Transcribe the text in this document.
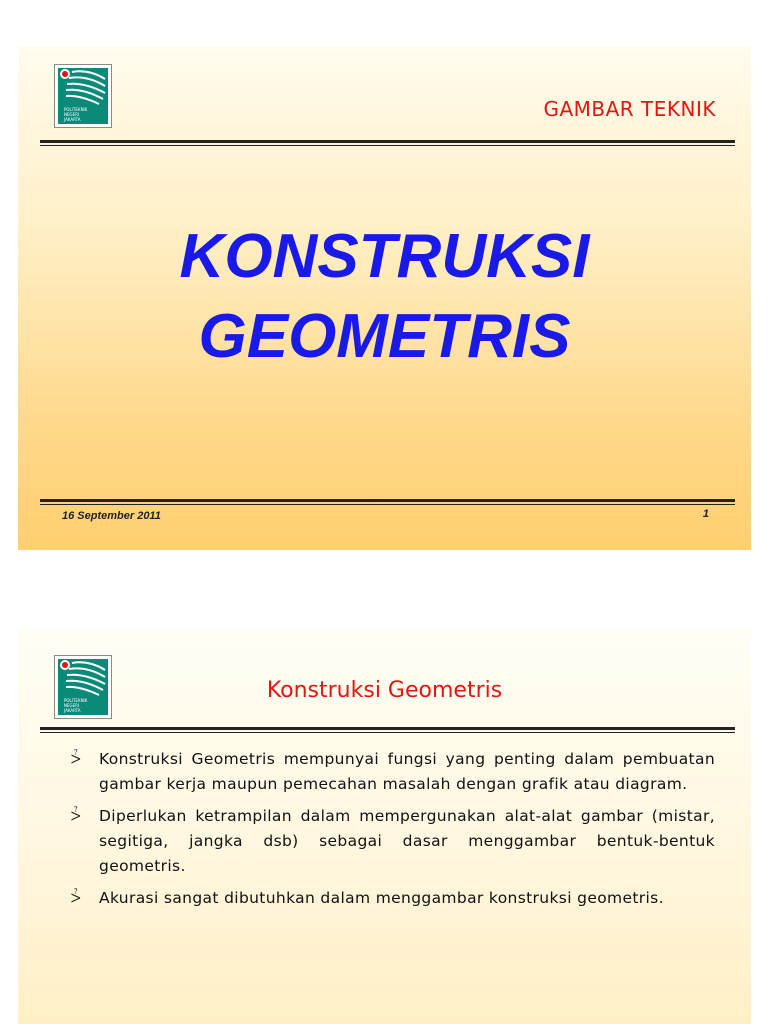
POLITEKNIK
NEGERI
JAKARTA	GAMBAR TEKNIK
KONSTRUKSI
GEOMETRIS
16 September 2011	1
POLITEKNIK
NEGERI
JAKARTA
Konstruksi Geometris
⩼ Konstruksi Geometris mempunyai fungsi yang penting dalam pembuatan gambar kerja maupun pemecahan masalah dengan grafik atau diagram.
⩼ Diperlukan ketrampilan dalam mempergunakan alat-alat gambar (mistar, segitiga, jangka dsb) sebagai dasar menggambar bentuk-bentuk geometris.
⩼ Akurasi sangat dibutuhkan dalam menggambar konstruksi geometris.
